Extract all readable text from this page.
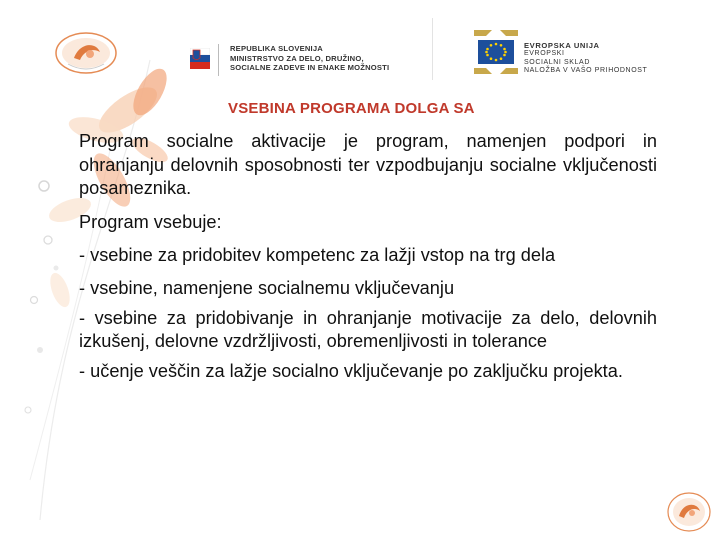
REPUBLIKA SLOVENIJA
MINISTRSTVO ZA DELO, DRUŽINO,
SOCIALNE ZADEVE IN ENAKE MOŽNOSTI
EVROPSKA UNIJA
EVROPSKI
SOCIALNI SKLAD
NALOŽBA V VAŠO PRIHODNOST
VSEBINA PROGRAMA DOLGA SA

Program socialne aktivacije je program, namenjen podpori in ohranjanju delovnih sposobnosti ter vzpodbujanju socialne vključenosti posameznika.

Program vsebuje:

- vsebine za pridobitev kompetenc za lažji vstop na trg dela

- vsebine, namenjene socialnemu vključevanju

- vsebine za pridobivanje in ohranjanje motivacije za delo, delovnih izkušenj, delovne vzdržljivosti, obremenljivosti in tolerance

- učenje veščin za lažje socialno vključevanje po zaključku projekta.
